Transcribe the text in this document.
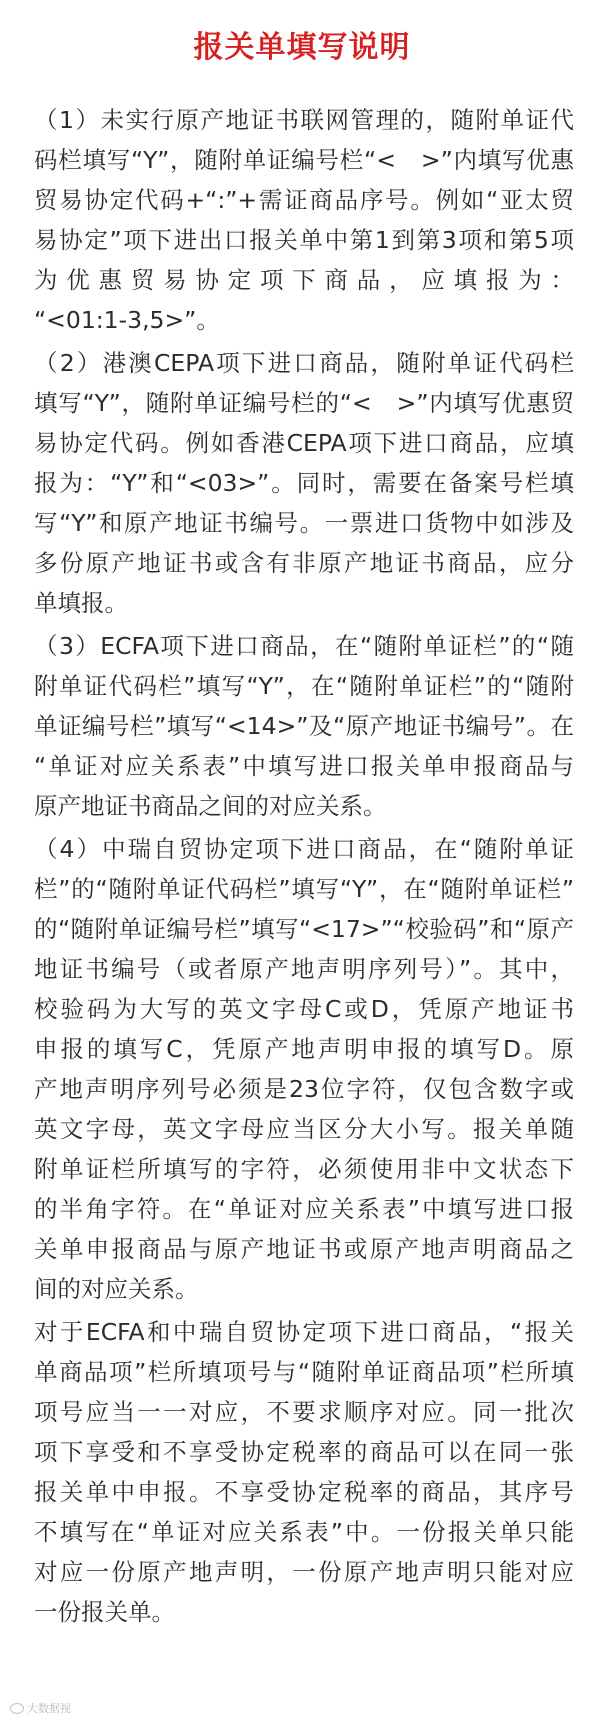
报关单填写说明
（1）未实行原产地证书联网管理的，随附单证代
码栏填写“Y”，随附单证编号栏“<　>”内填写优惠
贸易协定代码+“:”+需证商品序号。例如“亚太贸
易协定”项下进出口报关单中第1到第3项和第5项
为优惠贸易协定项下商品，应填报为：
“<01:1-3,5>”。
（2）港澳CEPA项下进口商品，随附单证代码栏
填写“Y”，随附单证编号栏的“<　>”内填写优惠贸
易协定代码。例如香港CEPA项下进口商品，应填
报为：“Y”和“<03>”。同时，需要在备案号栏填
写“Y”和原产地证书编号。一票进口货物中如涉及
多份原产地证书或含有非原产地证书商品，应分
单填报。
（3）ECFA项下进口商品，在“随附单证栏”的“随
附单证代码栏”填写“Y”，在“随附单证栏”的“随附
单证编号栏”填写“<14>”及“原产地证书编号”。在
“单证对应关系表”中填写进口报关单申报商品与
原产地证书商品之间的对应关系。
（4）中瑞自贸协定项下进口商品，在“随附单证
栏”的“随附单证代码栏”填写“Y”，在“随附单证栏”
的“随附单证编号栏”填写“<17>”“校验码”和“原产
地证书编号（或者原产地声明序列号）”。其中，
校验码为大写的英文字母C或D，凭原产地证书
申报的填写C，凭原产地声明申报的填写D。原
产地声明序列号必须是23位字符，仅包含数字或
英文字母，英文字母应当区分大小写。报关单随
附单证栏所填写的字符，必须使用非中文状态下
的半角字符。在“单证对应关系表”中填写进口报
关单申报商品与原产地证书或原产地声明商品之
间的对应关系。
对于ECFA和中瑞自贸协定项下进口商品，“报关
单商品项”栏所填项号与“随附单证商品项”栏所填
项号应当一一对应，不要求顺序对应。同一批次
项下享受和不享受协定税率的商品可以在同一张
报关单中申报。不享受协定税率的商品，其序号
不填写在“单证对应关系表”中。一份报关单只能
对应一份原产地声明，一份原产地声明只能对应
一份报关单。
大数据视
